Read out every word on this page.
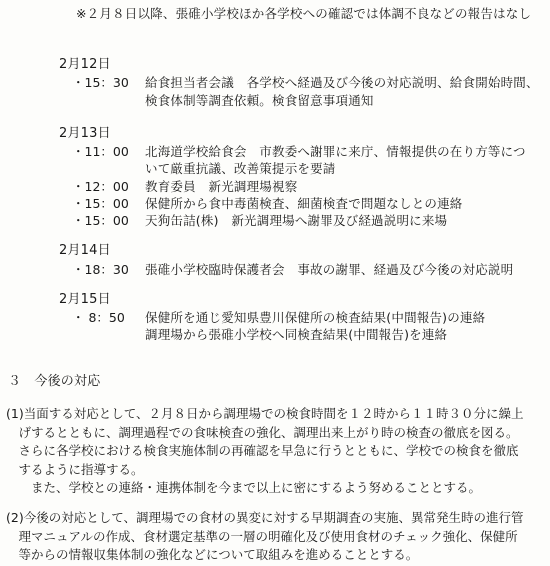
※２月８日以降、張碓小学校ほか各学校への確認では体調不良などの報告はなし
2月12日
・15：30 給食担当者会議　各学校へ経過及び今後の対応説明、給食開始時間、
検食体制等調査依頼。検食留意事項通知
2月13日
・11：00 北海道学校給食会　市教委へ謝罪に来庁、情報提供の在り方等につ
いて厳重抗議、改善策提示を要請
・12：00 教育委員　新光調理場視察
・15：00 保健所から食中毒菌検査、細菌検査で問題なしとの連絡
・15：00 天狗缶詰(株)　新光調理場へ謝罪及び経過説明に来場
2月14日
・18：30 張碓小学校臨時保護者会　事故の謝罪、経過及び今後の対応説明
2月15日
・ 8：50 保健所を通じ愛知県豊川保健所の検査結果(中間報告)の連絡
調理場から張碓小学校へ同検査結果(中間報告)を連絡
３　今後の対応
(1)当面する対応として、２月８日から調理場での検食時間を１２時から１１時３０分に繰上
　げするとともに、調理過程での食味検査の強化、調理出来上がり時の検査の徹底を図る。
　さらに各学校における検食実施体制の再確認を早急に行うとともに、学校での検食を徹底
　するように指導する。
　　また、学校との連絡・連携体制を今まで以上に密にするよう努めることとする。
(2)今後の対応として、調理場での食材の異変に対する早期調査の実施、異常発生時の進行管
　理マニュアルの作成、食材選定基準の一層の明確化及び使用食材のチェック強化、保健所
　等からの情報収集体制の強化などについて取組みを進めることとする。
